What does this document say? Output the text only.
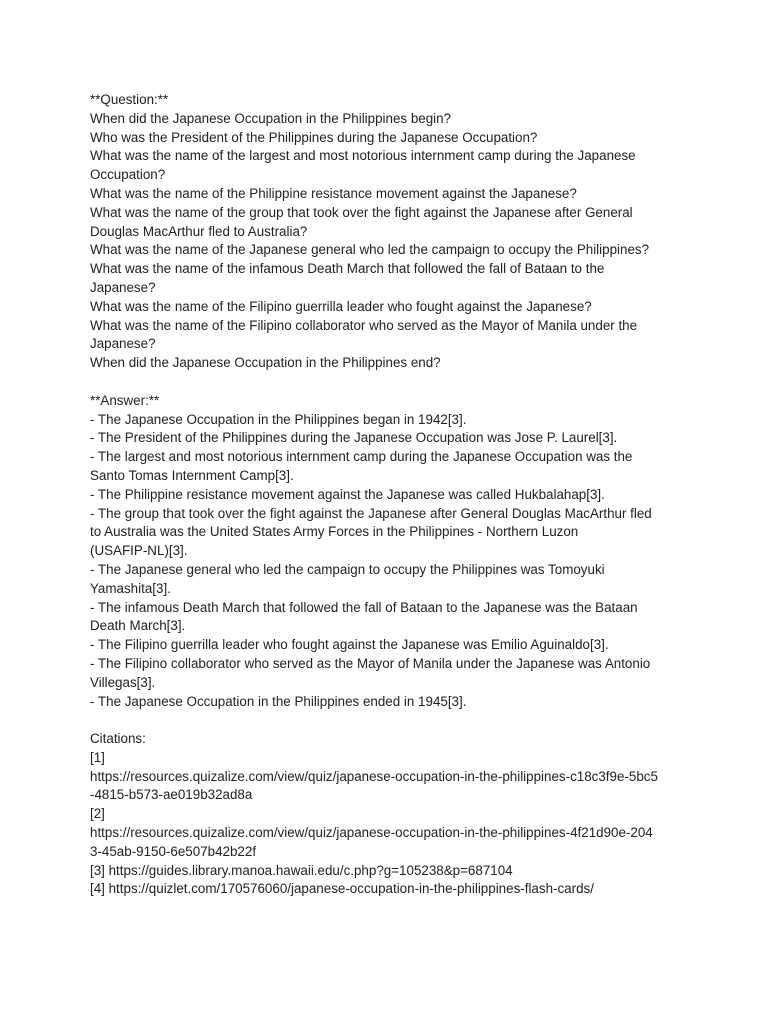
**Question:**
When did the Japanese Occupation in the Philippines begin?
Who was the President of the Philippines during the Japanese Occupation?
What was the name of the largest and most notorious internment camp during the Japanese
Occupation?
What was the name of the Philippine resistance movement against the Japanese?
What was the name of the group that took over the fight against the Japanese after General
Douglas MacArthur fled to Australia?
What was the name of the Japanese general who led the campaign to occupy the Philippines?
What was the name of the infamous Death March that followed the fall of Bataan to the
Japanese?
What was the name of the Filipino guerrilla leader who fought against the Japanese?
What was the name of the Filipino collaborator who served as the Mayor of Manila under the
Japanese?
When did the Japanese Occupation in the Philippines end?
**Answer:**
- The Japanese Occupation in the Philippines began in 1942[3].
- The President of the Philippines during the Japanese Occupation was Jose P. Laurel[3].
- The largest and most notorious internment camp during the Japanese Occupation was the
Santo Tomas Internment Camp[3].
- The Philippine resistance movement against the Japanese was called Hukbalahap[3].
- The group that took over the fight against the Japanese after General Douglas MacArthur fled
to Australia was the United States Army Forces in the Philippines - Northern Luzon
(USAFIP-NL)[3].
- The Japanese general who led the campaign to occupy the Philippines was Tomoyuki
Yamashita[3].
- The infamous Death March that followed the fall of Bataan to the Japanese was the Bataan
Death March[3].
- The Filipino guerrilla leader who fought against the Japanese was Emilio Aguinaldo[3].
- The Filipino collaborator who served as the Mayor of Manila under the Japanese was Antonio
Villegas[3].
- The Japanese Occupation in the Philippines ended in 1945[3].
Citations:
[1]
https://resources.quizalize.com/view/quiz/japanese-occupation-in-the-philippines-c18c3f9e-5bc5
-4815-b573-ae019b32ad8a
[2]
https://resources.quizalize.com/view/quiz/japanese-occupation-in-the-philippines-4f21d90e-204
3-45ab-9150-6e507b42b22f
[3] https://guides.library.manoa.hawaii.edu/c.php?g=105238&p=687104
[4] https://quizlet.com/170576060/japanese-occupation-in-the-philippines-flash-cards/
